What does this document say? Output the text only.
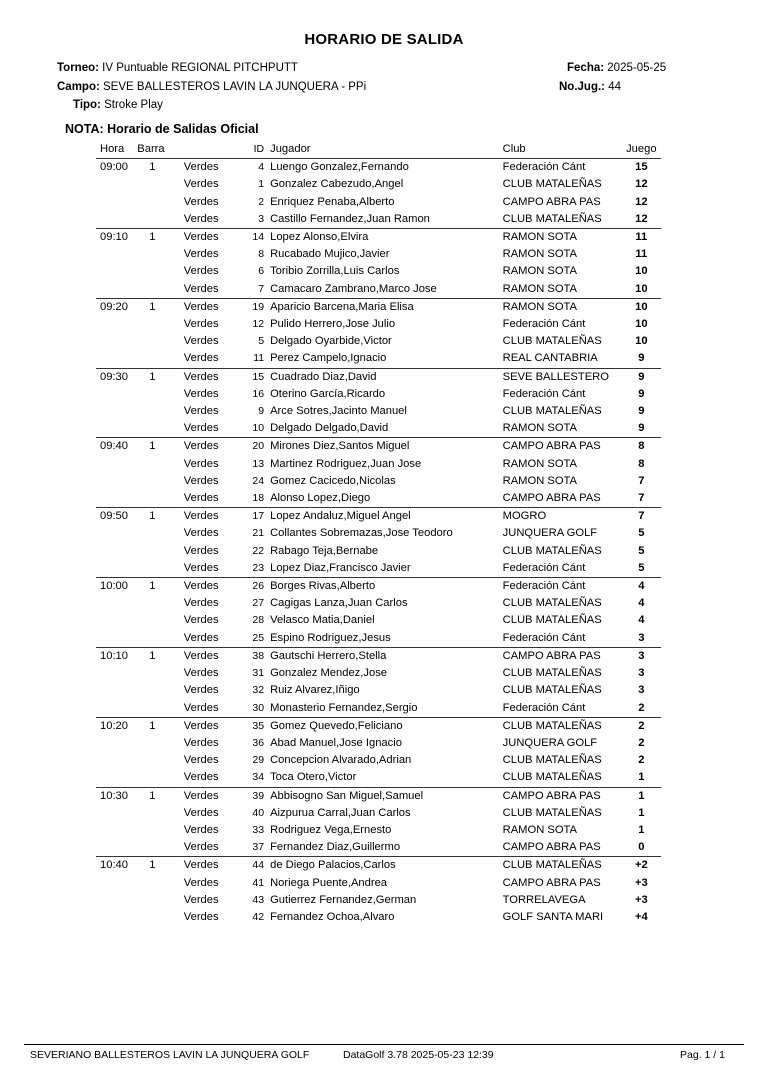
HORARIO DE SALIDA
Torneo: IV Puntuable REGIONAL PITCHPUTT	Fecha: 2025-05-25
Campo: SEVE BALLESTEROS LAVIN LA JUNQUERA - PPi	No.Jug.: 44
Tipo: Stroke Play
NOTA: Horario de Salidas Oficial
Hora	Barra		ID	Jugador	Club	Juego
09:00	1	Verdes	4	Luengo Gonzalez,Fernando	Federación Cánt	15
		Verdes	1	Gonzalez Cabezudo,Angel	CLUB MATALEÑAS	12
		Verdes	2	Enriquez Penaba,Alberto	CAMPO ABRA PAS	12
		Verdes	3	Castillo Fernandez,Juan Ramon	CLUB MATALEÑAS	12
09:10	1	Verdes	14	Lopez Alonso,Elvira	RAMON SOTA	11
		Verdes	8	Rucabado Mujico,Javier	RAMON SOTA	11
		Verdes	6	Toribio Zorrilla,Luis Carlos	RAMON SOTA	10
		Verdes	7	Camacaro Zambrano,Marco Jose	RAMON SOTA	10
09:20	1	Verdes	19	Aparicio Barcena,Maria Elisa	RAMON SOTA	10
		Verdes	12	Pulido Herrero,Jose Julio	Federación Cánt	10
		Verdes	5	Delgado Oyarbide,Victor	CLUB MATALEÑAS	10
		Verdes	11	Perez Campelo,Ignacio	REAL CANTABRIA	9
09:30	1	Verdes	15	Cuadrado Diaz,David	SEVE BALLESTERO	9
		Verdes	16	Oterino García,Ricardo	Federación Cánt	9
		Verdes	9	Arce Sotres,Jacinto Manuel	CLUB MATALEÑAS	9
		Verdes	10	Delgado Delgado,David	RAMON SOTA	9
09:40	1	Verdes	20	Mirones Diez,Santos Miguel	CAMPO ABRA PAS	8
		Verdes	13	Martinez Rodriguez,Juan Jose	RAMON SOTA	8
		Verdes	24	Gomez Cacicedo,Nicolas	RAMON SOTA	7
		Verdes	18	Alonso Lopez,Diego	CAMPO ABRA PAS	7
09:50	1	Verdes	17	Lopez Andaluz,Miguel Angel	MOGRO	7
		Verdes	21	Collantes Sobremazas,Jose Teodoro	JUNQUERA GOLF	5
		Verdes	22	Rabago Teja,Bernabe	CLUB MATALEÑAS	5
		Verdes	23	Lopez Diaz,Francisco Javier	Federación Cánt	5
10:00	1	Verdes	26	Borges Rivas,Alberto	Federación Cánt	4
		Verdes	27	Cagigas Lanza,Juan Carlos	CLUB MATALEÑAS	4
		Verdes	28	Velasco Matia,Daniel	CLUB MATALEÑAS	4
		Verdes	25	Espino Rodriguez,Jesus	Federación Cánt	3
10:10	1	Verdes	38	Gautschi Herrero,Stella	CAMPO ABRA PAS	3
		Verdes	31	Gonzalez Mendez,Jose	CLUB MATALEÑAS	3
		Verdes	32	Ruiz Alvarez,Iñigo	CLUB MATALEÑAS	3
		Verdes	30	Monasterio Fernandez,Sergio	Federación Cánt	2
10:20	1	Verdes	35	Gomez Quevedo,Feliciano	CLUB MATALEÑAS	2
		Verdes	36	Abad Manuel,Jose Ignacio	JUNQUERA GOLF	2
		Verdes	29	Concepcion Alvarado,Adrian	CLUB MATALEÑAS	2
		Verdes	34	Toca Otero,Victor	CLUB MATALEÑAS	1
10:30	1	Verdes	39	Abbisogno San Miguel,Samuel	CAMPO ABRA PAS	1
		Verdes	40	Aizpurua Carral,Juan Carlos	CLUB MATALEÑAS	1
		Verdes	33	Rodriguez Vega,Ernesto	RAMON SOTA	1
		Verdes	37	Fernandez Diaz,Guillermo	CAMPO ABRA PAS	0
10:40	1	Verdes	44	de Diego Palacios,Carlos	CLUB MATALEÑAS	+2
		Verdes	41	Noriega Puente,Andrea	CAMPO ABRA PAS	+3
		Verdes	43	Gutierrez Fernandez,German	TORRELAVEGA	+3
		Verdes	42	Fernandez Ochoa,Alvaro	GOLF SANTA MARI	+4
SEVERIANO BALLESTEROS LAVIN LA JUNQUERA GOLF	DataGolf 3.78 2025-05-23 12:39	Pag. 1 / 1
